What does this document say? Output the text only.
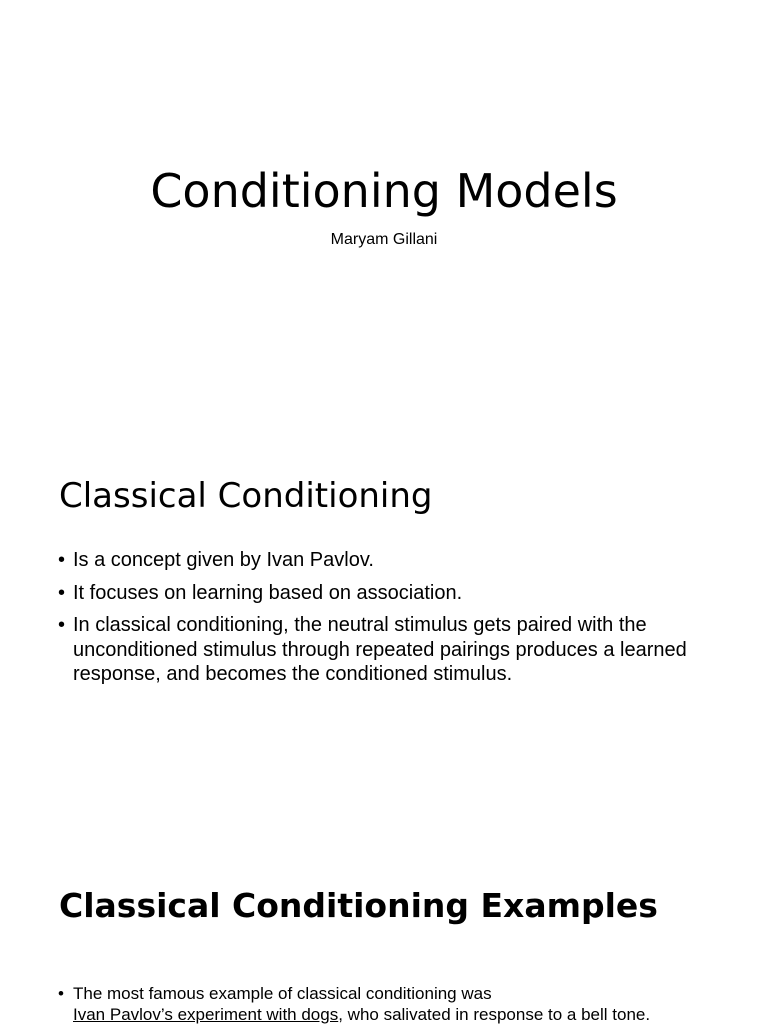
Conditioning Models
Maryam Gillani
Classical Conditioning
• Is a concept given by Ivan Pavlov.
• It focuses on learning based on association.
• In classical conditioning, the neutral stimulus gets paired with the unconditioned stimulus through repeated pairings produces a learned response, and becomes the conditioned stimulus.
Classical Conditioning Examples
• The most famous example of classical conditioning was
Ivan Pavlov’s experiment with dogs, who salivated in response to a bell tone.
